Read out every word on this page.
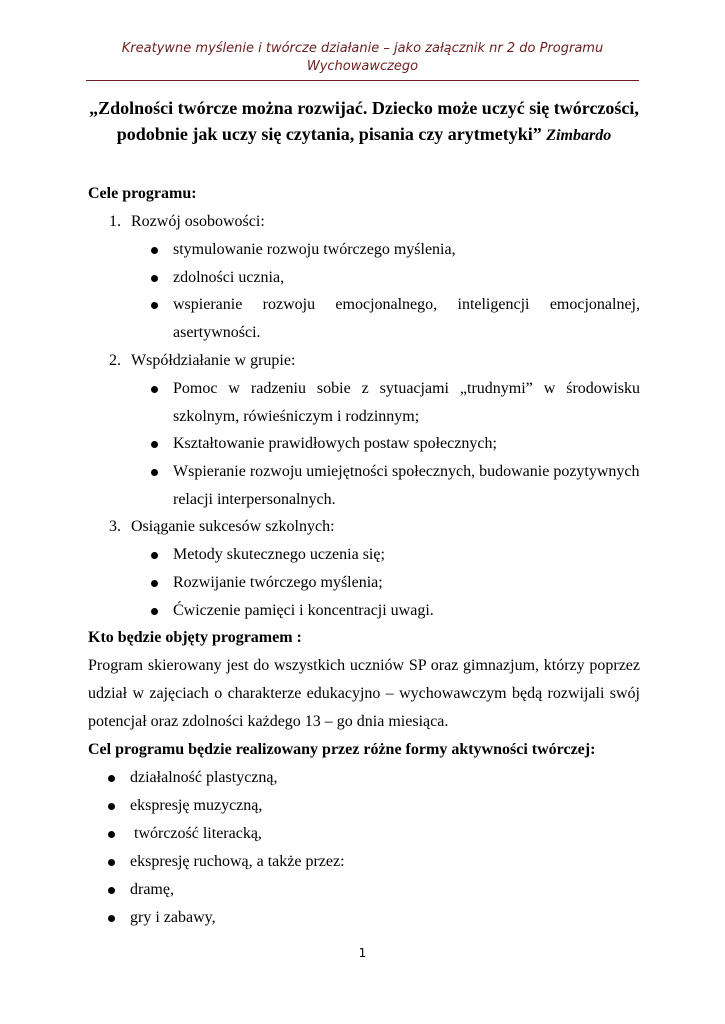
Kreatywne myślenie i twórcze działanie – jako załącznik nr 2 do Programu
Wychowawczego
„Zdolności twórcze można rozwijać. Dziecko może uczyć się twórczości,
podobnie jak uczy się czytania, pisania czy arytmetyki” Zimbardo

Cele programu:

1. Rozwój osobowości:
stymulowanie rozwoju twórczego myślenia,
zdolności ucznia,
wspieranie rozwoju emocjonalnego, inteligencji emocjonalnej,
asertywności.
2. Współdziałanie w grupie:
Pomoc w radzeniu sobie z sytuacjami „trudnymi” w środowisku
szkolnym, rówieśniczym i rodzinnym;
Kształtowanie prawidłowych postaw społecznych;
Wspieranie rozwoju umiejętności społecznych, budowanie pozytywnych
relacji interpersonalnych.
3. Osiąganie sukcesów szkolnych:
Metody skutecznego uczenia się;
Rozwijanie twórczego myślenia;
Ćwiczenie pamięci i koncentracji uwagi.

Kto będzie objęty programem :

Program skierowany jest do wszystkich uczniów SP oraz gimnazjum, którzy poprzez
udział w zajęciach o charakterze edukacyjno – wychowawczym będą rozwijali swój
potencjał oraz zdolności każdego 13 – go dnia miesiąca.

Cel programu będzie realizowany przez różne formy aktywności twórczej:

działalność plastyczną,
ekspresję muzyczną,
twórczość literacką,
ekspresję ruchową, a także przez:
dramę,
gry i zabawy,
1
